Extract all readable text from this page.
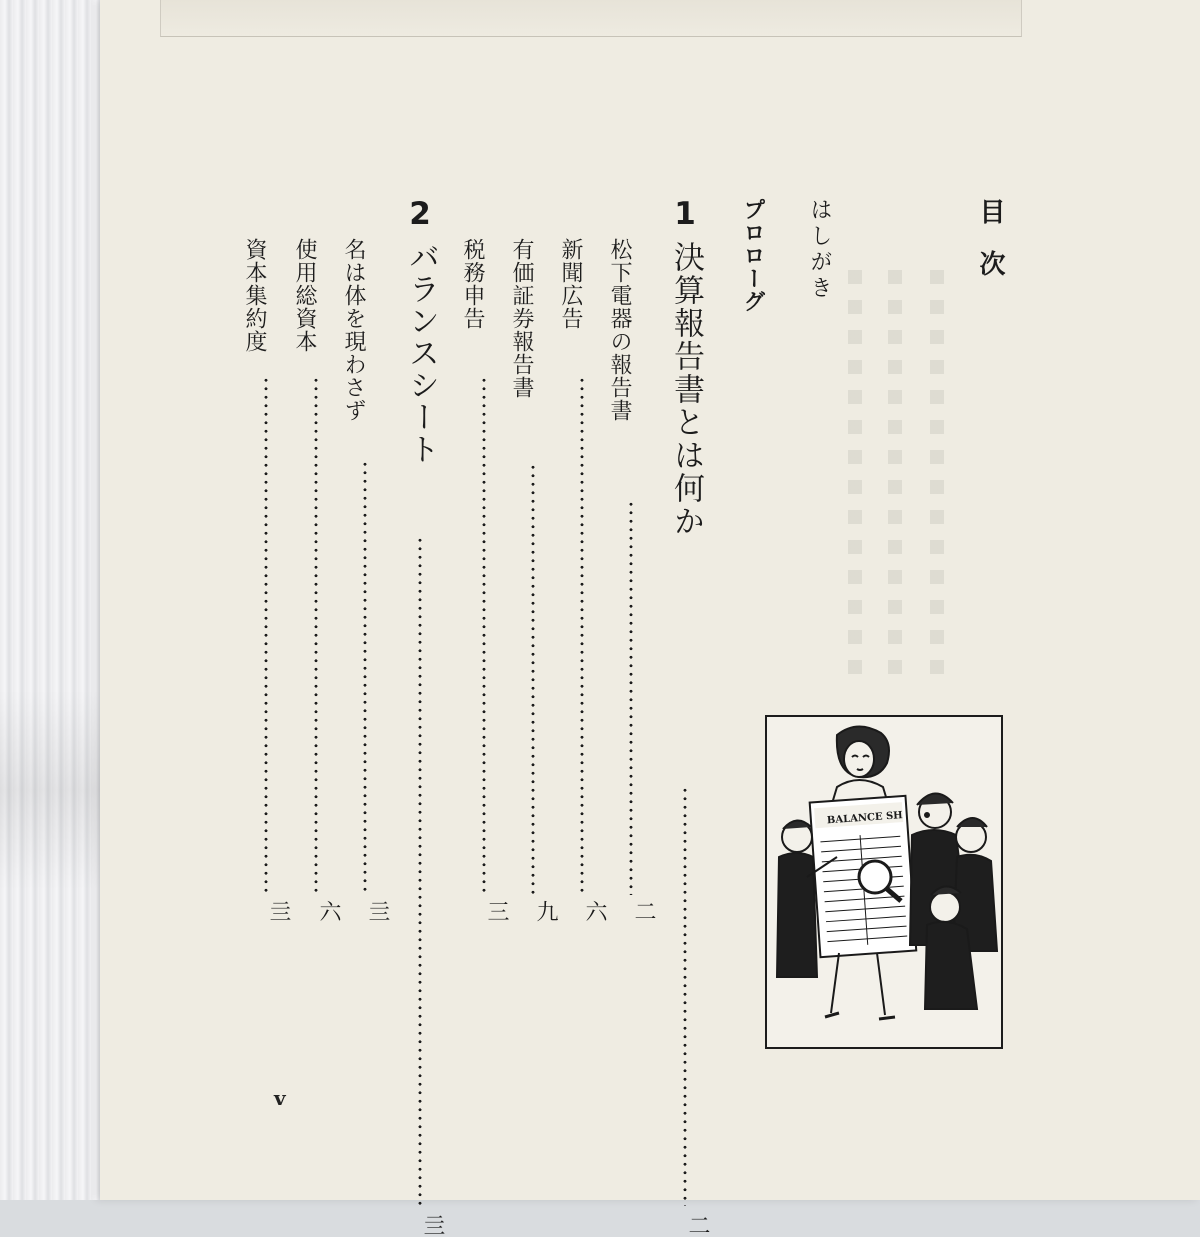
目次
はしがき
プロローグ
1
決算報告書とは何か
二
松下電器の報告書
二
新聞広告
六
有価証券報告書
九
税務申告
三
2
バランスシート
亖
名は体を現わさず
亖
使用総資本
六
資本集約度
亖
BALANCE SH
v
